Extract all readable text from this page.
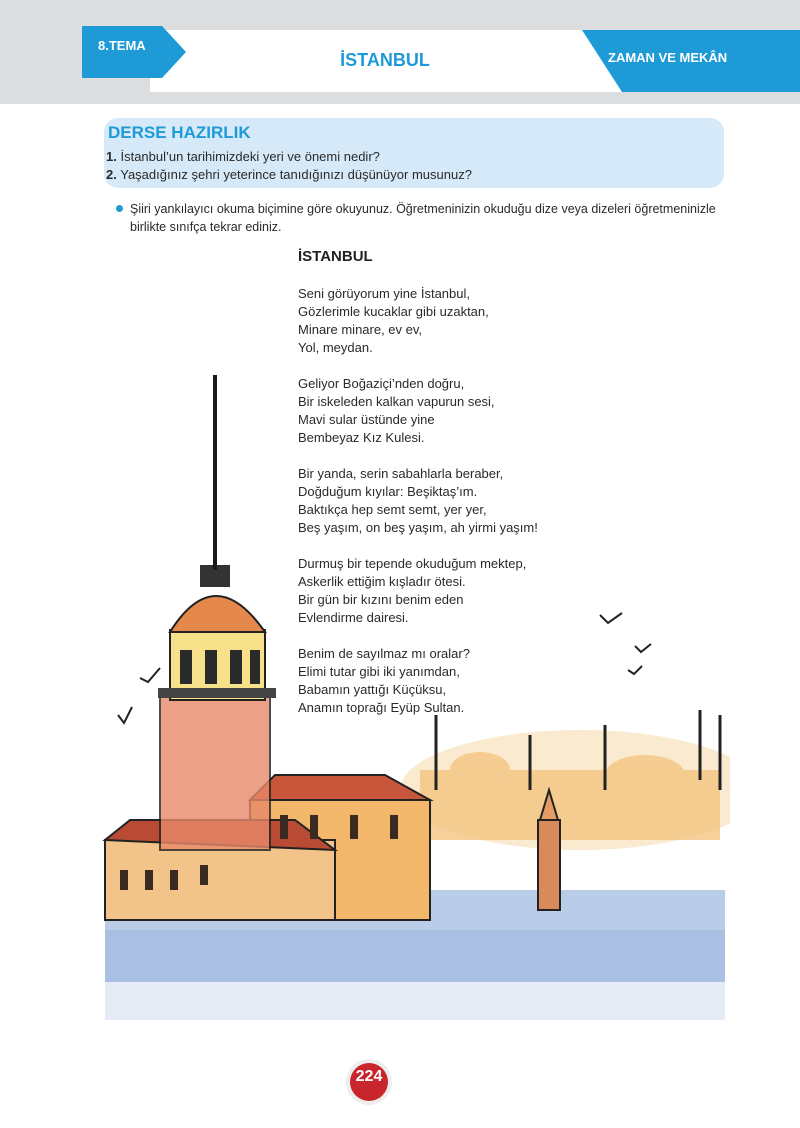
8.TEMA
İSTANBUL	ZAMAN VE MEKÂN
DERSE HAZIRLIK
1. İstanbul’un tarihimizdeki yeri ve önemi nedir?
2. Yaşadığınız şehri yeterince tanıdığınızı düşünüyor musunuz?
Şiiri yankılayıcı okuma biçimine göre okuyunuz. Öğretmeninizin okuduğu dize veya dizeleri öğretmeninizle birlikte sınıfça tekrar ediniz.
İSTANBUL
Seni görüyorum yine İstanbul,
Gözlerimle kucaklar gibi uzaktan,
Minare minare, ev ev,
Yol, meydan.
Geliyor Boğaziçi’nden doğru,
Bir iskeleden kalkan vapurun sesi,
Mavi sular üstünde yine
Bembeyaz Kız Kulesi.
Bir yanda, serin sabahlarla beraber,
Doğduğum kıyılar: Beşiktaş’ım.
Baktıkça hep semt semt, yer yer,
Beş yaşım, on beş yaşım, ah yirmi yaşım!
Durmuş bir tepende okuduğum mektep,
Askerlik ettiğim kışladır ötesi.
Bir gün bir kızını benim eden
Evlendirme dairesi.
Benim de sayılmaz mı oralar?
Elimi tutar gibi iki yanımdan,
Babamın yattığı Küçüksu,
Anamın toprağı Eyüp Sultan.
224
